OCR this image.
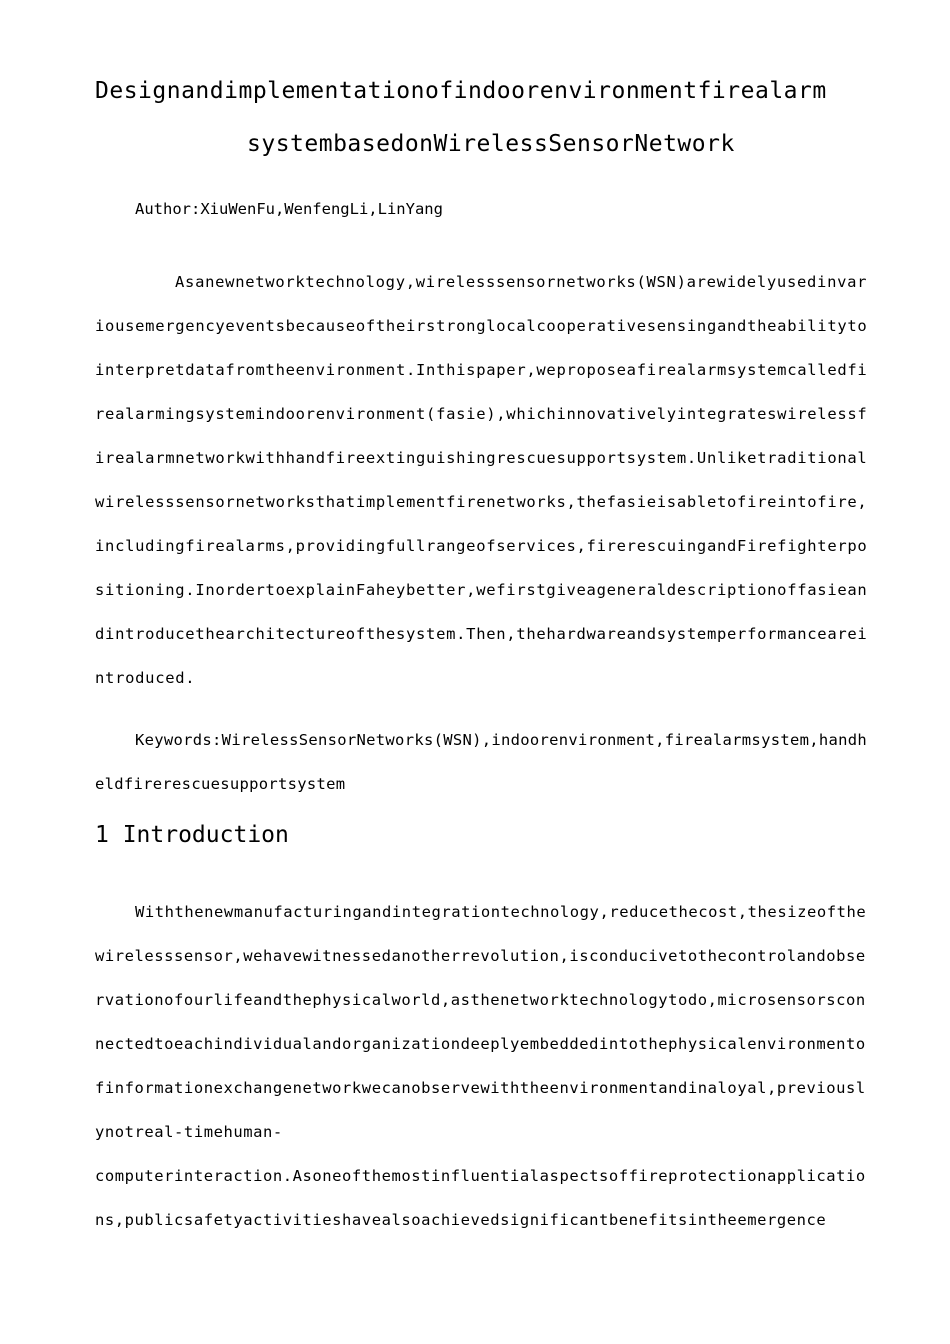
Designandimplementationofindoorenvironmentfirealarm
systembasedonWirelessSensorNetwork
Author:XiuWenFu,WenfengLi,LinYang

Asanewnetworktechnology,wirelesssensornetworks(WSN)arewidelyusedinvariousemergencyeventsbecauseoftheirstronglocalcooperativesensingandtheabilitytointerpretdatafromtheenvironment.Inthispaper,weproposeafirealarmsystemcalledfirealarmingsystemindoorenvironment(fasie),whichinnovativelyintegrateswirelessfirealarmnetworkwithhandfireextinguishingrescuesupportsystem.Unliketraditionalwirelesssensornetworksthatimplementfirenetworks,thefasieisabletofireintofire,includingfirealarms,providingfullrangeofservices,firerescuingandFirefighterpositioning.InordertoexplainFaheybetter,wefirstgiveageneraldescriptionoffasieandintroducethearchitectureofthesystem.Then,thehardwareandsystemperformanceareintroduced.

Keywords:WirelessSensorNetworks(WSN),indoorenvironment,firealarmsystem,handheldfirerescuesupportsystem

1 Introduction
Withthenewmanufacturingandintegrationtechnology,reducethecost,thesizeofthewirelesssensor,wehavewitnessedanotherrevolution,isconducivetothecontrolandobservationofourlifeandthephysicalworld,asthenetworktechnologytodo,microsensorsconnectedtoeachindividualandorganizationdeeplyembeddedintothephysicalenvironmentofinformationexchangenetworkwecanobservewiththeenvironmentandinaloyal,previouslynotreal-timehuman-
computerinteraction.Asoneofthemostinfluentialaspectsoffireprotectionapplications,publicsafetyactivitieshavealsoachievedsignificantbenefitsintheemergence
